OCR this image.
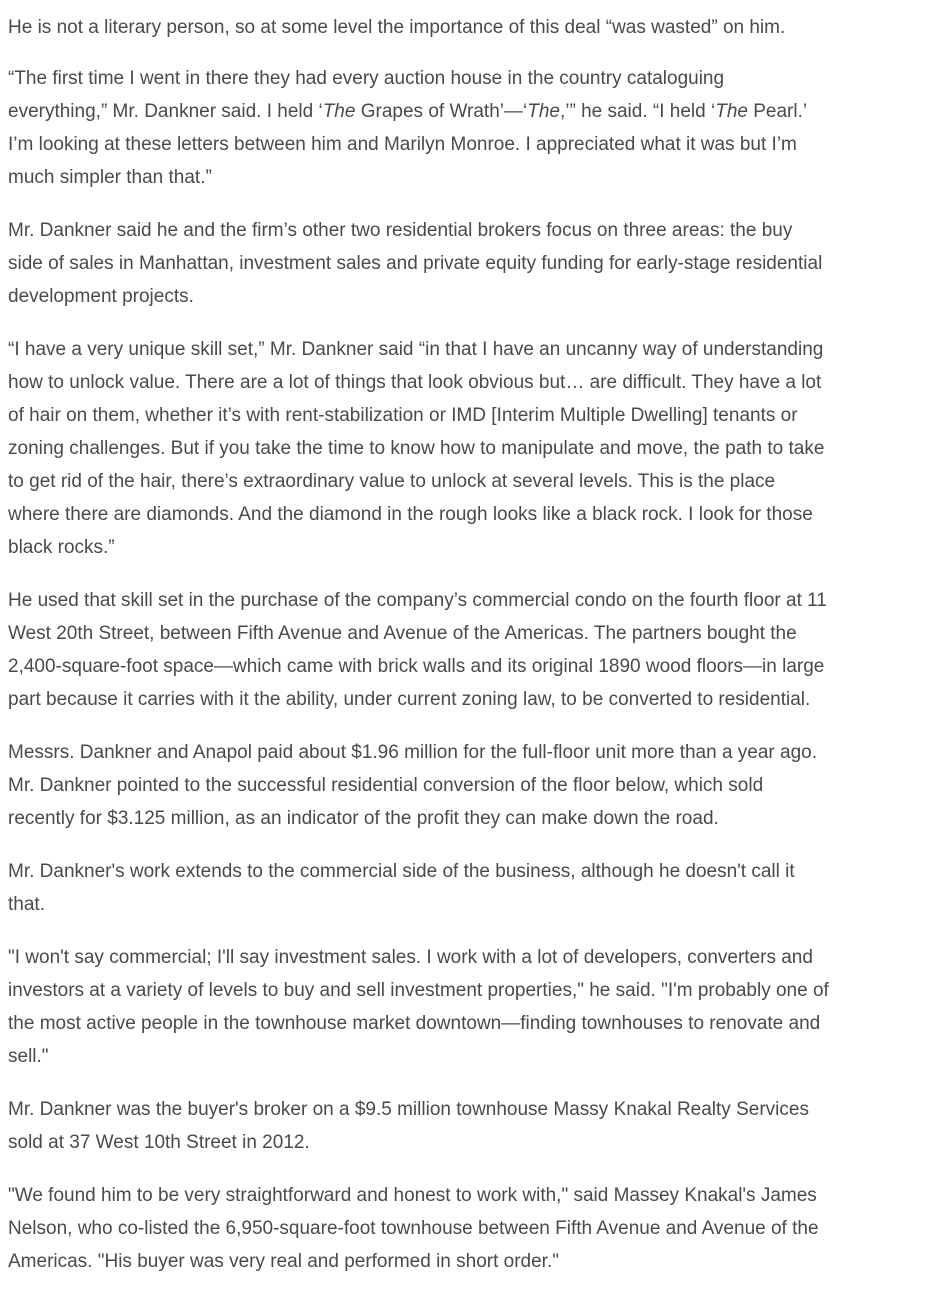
He is not a literary person, so at some level the importance of this deal “was wasted” on him.

“The first time I went in there they had every auction house in the country cataloguing
everything,” Mr. Dankner said. I held ‘The Grapes of Wrath’—‘The,’” he said. “I held ‘The Pearl.’
I’m looking at these letters between him and Marilyn Monroe. I appreciated what it was but I’m
much simpler than that.”

Mr. Dankner said he and the firm’s other two residential brokers focus on three areas: the buy
side of sales in Manhattan, investment sales and private equity funding for early-stage residential
development projects.

“I have a very unique skill set,” Mr. Dankner said “in that I have an uncanny way of understanding
how to unlock value. There are a lot of things that look obvious but… are difficult. They have a lot
of hair on them, whether it’s with rent-stabilization or IMD [Interim Multiple Dwelling] tenants or
zoning challenges. But if you take the time to know how to manipulate and move, the path to take
to get rid of the hair, there’s extraordinary value to unlock at several levels. This is the place
where there are diamonds. And the diamond in the rough looks like a black rock. I look for those
black rocks.”

He used that skill set in the purchase of the company’s commercial condo on the fourth floor at 11
West 20th Street, between Fifth Avenue and Avenue of the Americas. The partners bought the
2,400-square-foot space—which came with brick walls and its original 1890 wood floors—in large
part because it carries with it the ability, under current zoning law, to be converted to residential.

Messrs. Dankner and Anapol paid about $1.96 million for the full-floor unit more than a year ago.
Mr. Dankner pointed to the successful residential conversion of the floor below, which sold
recently for $3.125 million, as an indicator of the profit they can make down the road.

Mr. Dankner's work extends to the commercial side of the business, although he doesn't call it
that.

"I won't say commercial; I'll say investment sales. I work with a lot of developers, converters and
investors at a variety of levels to buy and sell investment properties," he said. "I'm probably one of
the most active people in the townhouse market downtown—finding townhouses to renovate and
sell."

Mr. Dankner was the buyer's broker on a $9.5 million townhouse Massy Knakal Realty Services
sold at 37 West 10th Street in 2012.

"We found him to be very straightforward and honest to work with," said Massey Knakal's James
Nelson, who co-listed the 6,950-square-foot townhouse between Fifth Avenue and Avenue of the
Americas. "His buyer was very real and performed in short order."
